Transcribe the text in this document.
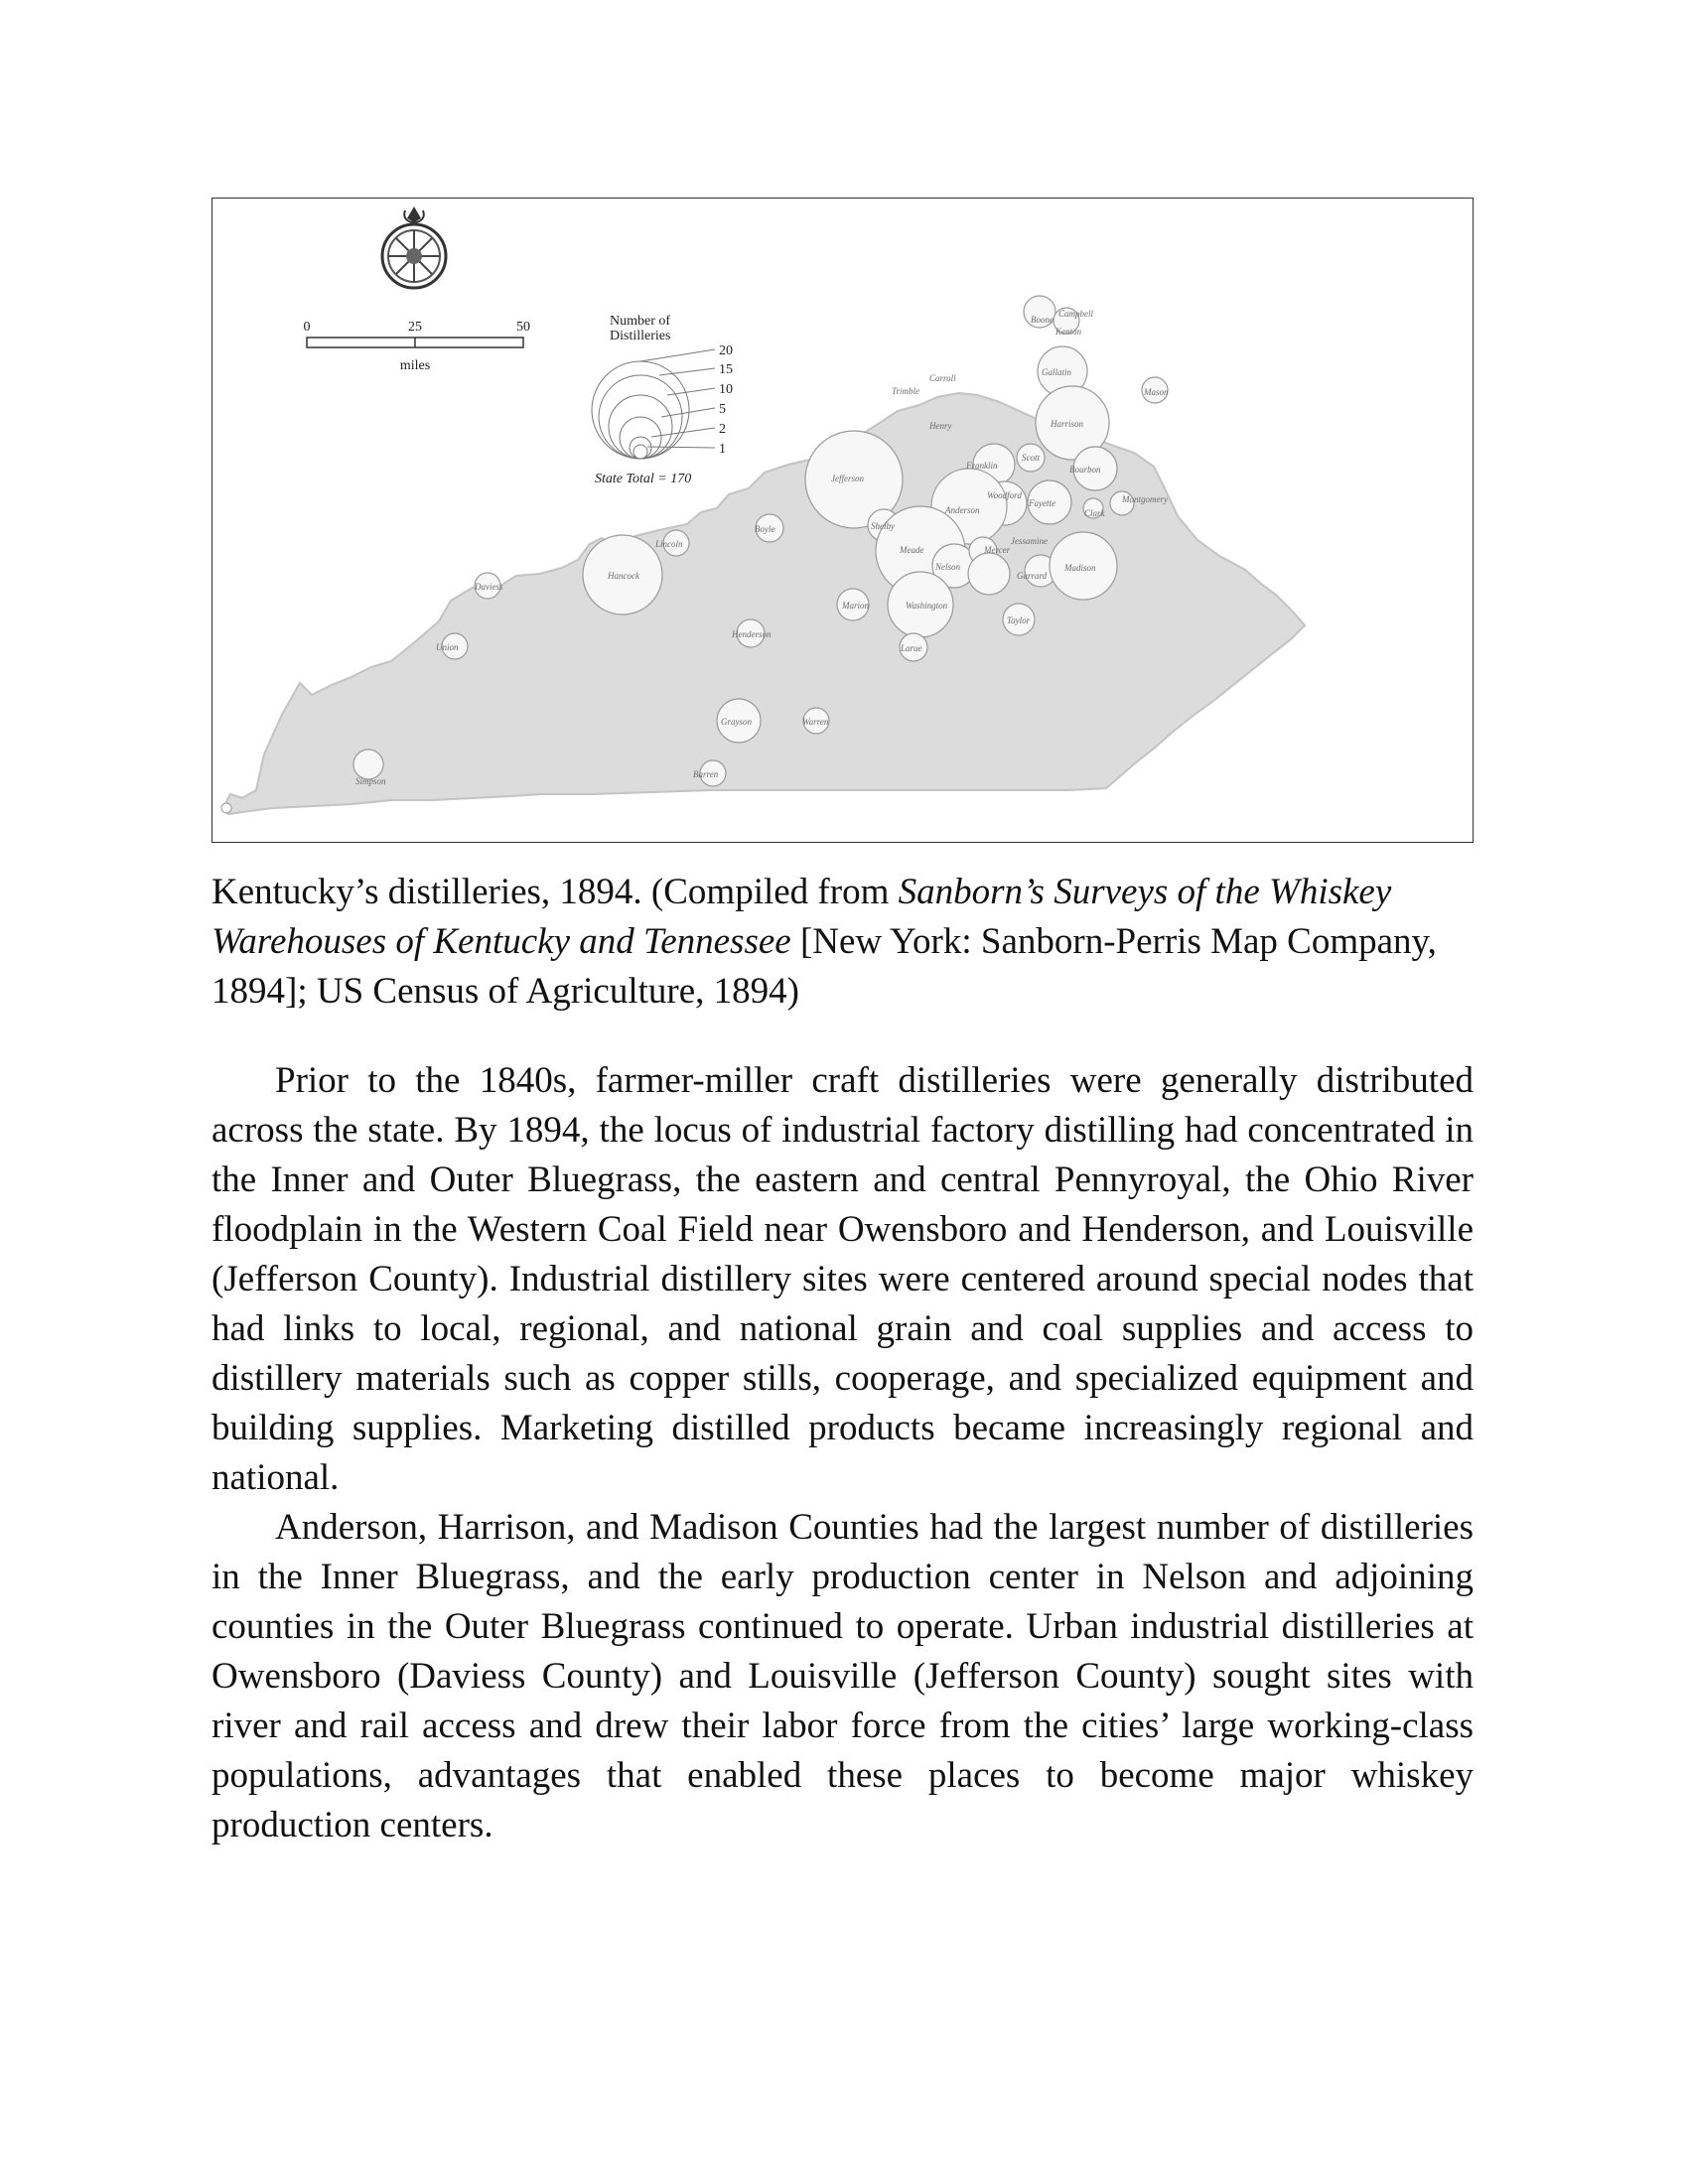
0	25	50
miles
Number of
Distilleries
20
15
10
5
2
1
State Total = 170
Boone
Campbell
Kenton
Gallatin
Carroll
Trimble
Henry	Harrison
Mason
Franklin
Scott
Bourbon
Jefferson
Woodford
Fayette
Clark
Montgomery
Shelby
Anderson
Jessamine
Mercer
Madison
Garrard
Boyle
Meade
Nelson
Washington
Marion
Larue
Taylor
Lincoln
Hancock
Daviess
Union
Henderson
Grayson	Warren
Barren
Simpson
Kentucky’s distilleries, 1894. (Compiled from Sanborn’s Surveys of the Whiskey Warehouses of Kentucky and Tennessee [New York: Sanborn-Perris Map Company, 1894]; US Census of Agriculture, 1894)

Prior to the 1840s, farmer-miller craft distilleries were generally distributed across the state. By 1894, the locus of industrial factory distilling had concentrated in the Inner and Outer Bluegrass, the eastern and central Pennyroyal, the Ohio River floodplain in the Western Coal Field near Owensboro and Henderson, and Louisville (Jefferson County). Industrial distillery sites were centered around special nodes that had links to local, regional, and national grain and coal supplies and access to distillery materials such as copper stills, cooperage, and specialized equipment and building supplies. Marketing distilled products became increasingly regional and national.

Anderson, Harrison, and Madison Counties had the largest number of distilleries in the Inner Bluegrass, and the early production center in Nelson and adjoining counties in the Outer Bluegrass continued to operate. Urban industrial distilleries at Owensboro (Daviess County) and Louisville (Jefferson County) sought sites with river and rail access and drew their labor force from the cities’ large working-class populations, advantages that enabled these places to become major whiskey production centers.
